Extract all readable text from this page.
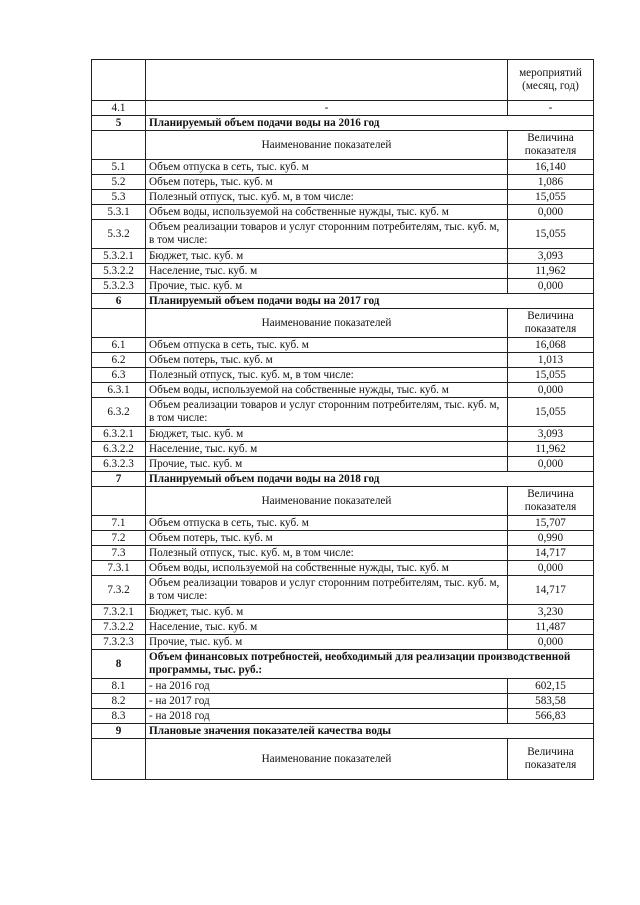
		мероприятий (месяц, год)
4.1	-	-
5	Планируемый объем подачи воды на 2016 год	
	Наименование показателей	Величина показателя
5.1	Объем отпуска в сеть, тыс. куб. м	16,140
5.2	Объем потерь, тыс. куб. м	1,086
5.3	Полезный отпуск, тыс. куб. м, в том числе:	15,055
5.3.1	Объем воды, используемой на собственные нужды, тыс. куб. м	0,000
5.3.2	Объем реализации товаров и услуг сторонним потребителям, тыс. куб. м, в том числе:	15,055
5.3.2.1	Бюджет, тыс. куб. м	3,093
5.3.2.2	Население, тыс. куб. м	11,962
5.3.2.3	Прочие, тыс. куб. м	0,000
6	Планируемый объем подачи воды на 2017 год	
	Наименование показателей	Величина показателя
6.1	Объем отпуска в сеть, тыс. куб. м	16,068
6.2	Объем потерь, тыс. куб. м	1,013
6.3	Полезный отпуск, тыс. куб. м, в том числе:	15,055
6.3.1	Объем воды, используемой на собственные нужды, тыс. куб. м	0,000
6.3.2	Объем реализации товаров и услуг сторонним потребителям, тыс. куб. м, в том числе:	15,055
6.3.2.1	Бюджет, тыс. куб. м	3,093
6.3.2.2	Население, тыс. куб. м	11,962
6.3.2.3	Прочие, тыс. куб. м	0,000
7	Планируемый объем подачи воды на 2018 год	
	Наименование показателей	Величина показателя
7.1	Объем отпуска в сеть, тыс. куб. м	15,707
7.2	Объем потерь, тыс. куб. м	0,990
7.3	Полезный отпуск, тыс. куб. м, в том числе:	14,717
7.3.1	Объем воды, используемой на собственные нужды, тыс. куб. м	0,000
7.3.2	Объем реализации товаров и услуг сторонним потребителям, тыс. куб. м, в том числе:	14,717
7.3.2.1	Бюджет, тыс. куб. м	3,230
7.3.2.2	Население, тыс. куб. м	11,487
7.3.2.3	Прочие, тыс. куб. м	0,000
8	Объем финансовых потребностей, необходимый для реализации производственной программы, тыс. руб.:	
8.1	- на 2016 год	602,15
8.2	- на 2017 год	583,58
8.3	- на 2018 год	566,83
9	Плановые значения показателей качества воды	
	Наименование показателей	Величина показателя
